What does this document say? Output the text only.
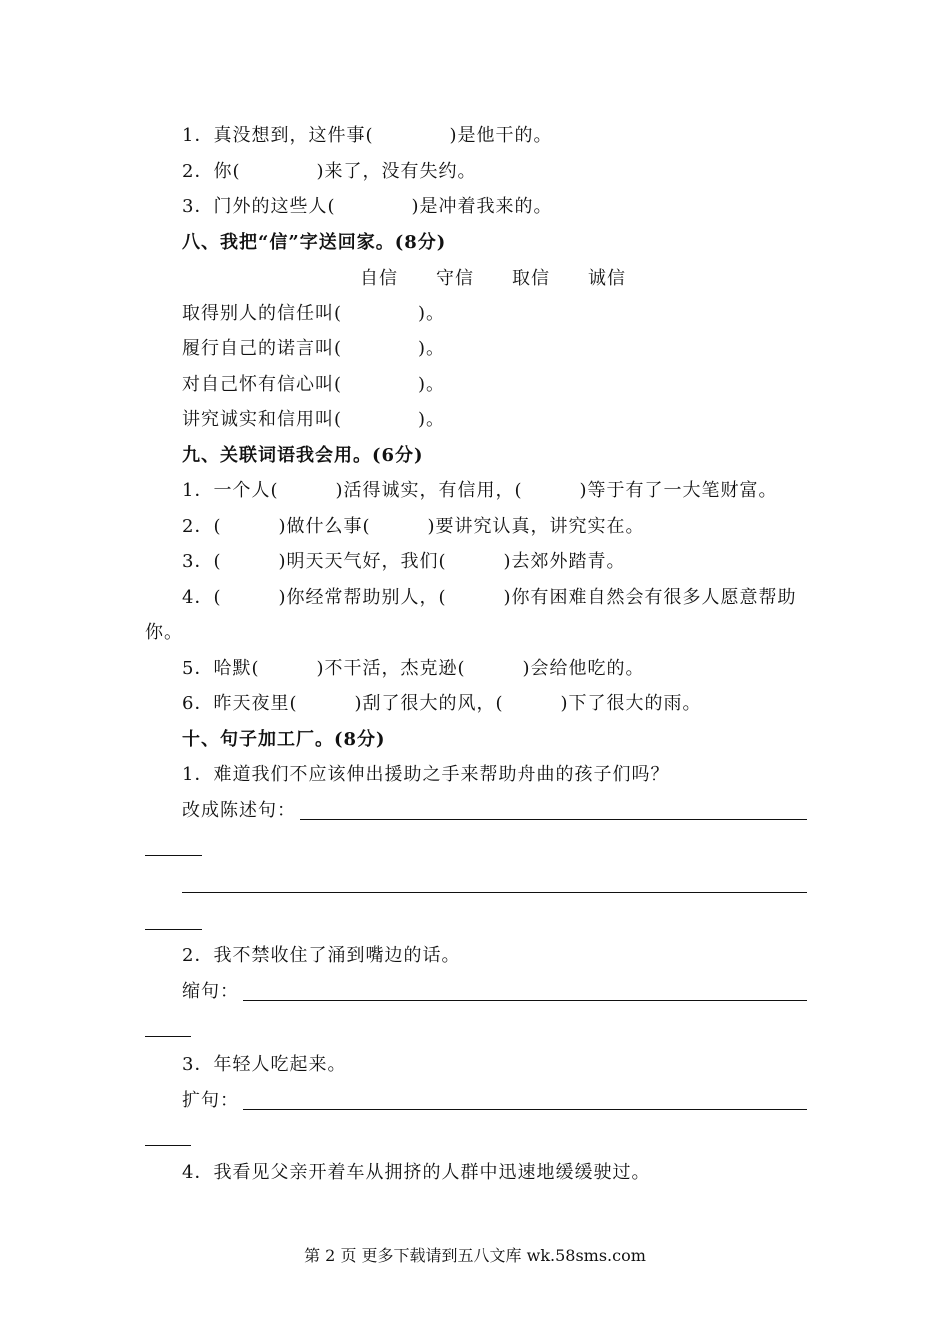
1．真没想到，这件事(　　　　)是他干的。
2．你(　　　　)来了，没有失约。
3．门外的这些人(　　　　)是冲着我来的。
八、我把“信”字送回家。(8分)
自信 守信 取信 诚信
取得别人的信任叫(　　　　)。
履行自己的诺言叫(　　　　)。
对自己怀有信心叫(　　　　)。
讲究诚实和信用叫(　　　　)。
九、关联词语我会用。(6分)
1．一个人(　　　)活得诚实，有信用，(　　　)等于有了一大笔财富。
2．(　　　)做什么事(　　　)要讲究认真，讲究实在。
3．(　　　)明天天气好，我们(　　　)去郊外踏青。
4．(　　　)你经常帮助别人，(　　　)你有困难自然会有很多人愿意帮助
你。
5．哈默(　　　)不干活，杰克逊(　　　)会给他吃的。
6．昨天夜里(　　　)刮了很大的风，(　　　)下了很大的雨。
十、句子加工厂。(8分)
1．难道我们不应该伸出援助之手来帮助舟曲的孩子们吗？
改成陈述句：
2．我不禁收住了涌到嘴边的话。
缩句：
3．年轻人吃起来。
扩句：
4．我看见父亲开着车从拥挤的人群中迅速地缓缓驶过。
第 2 页 更多下载请到五八文库 wk.58sms.com
